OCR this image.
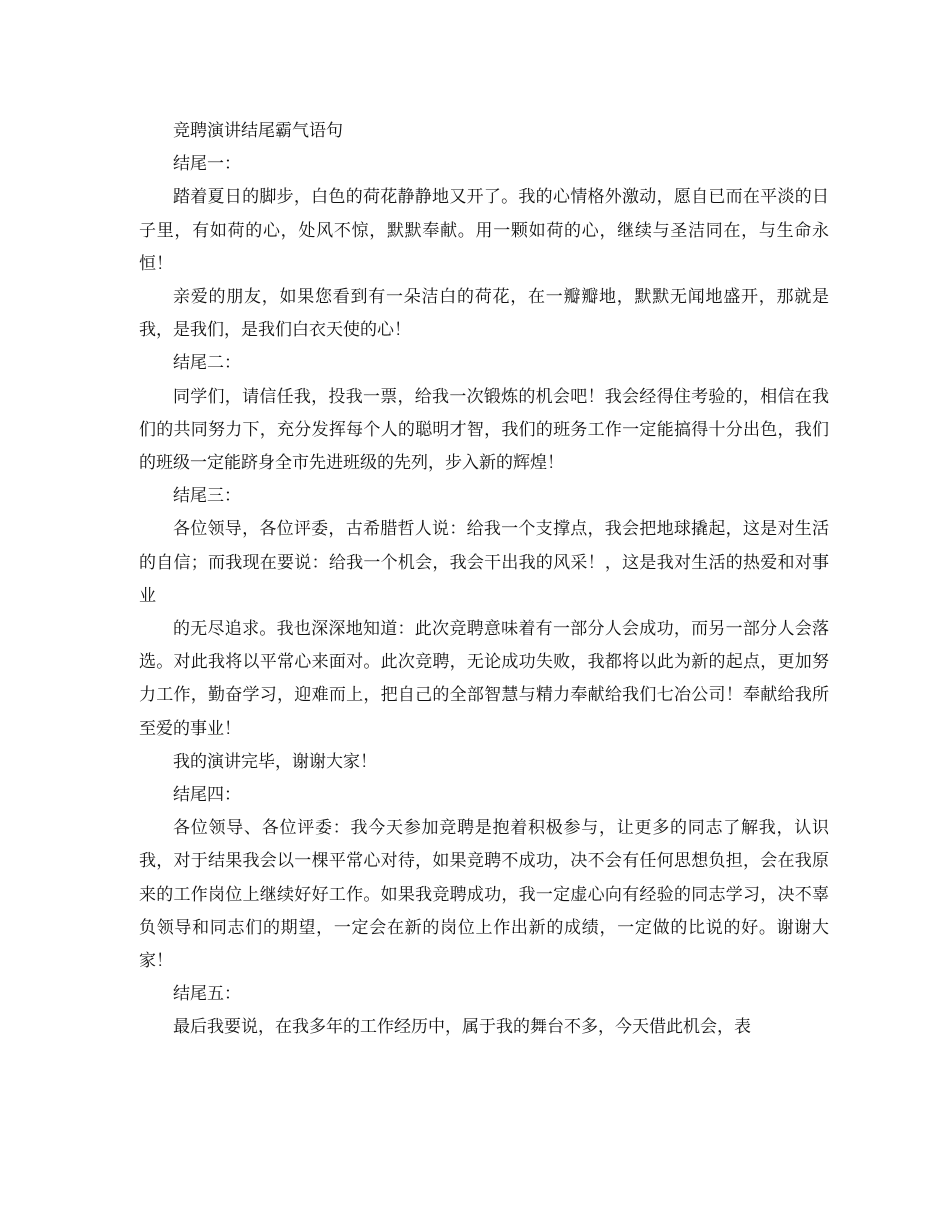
竞聘演讲结尾霸气语句

结尾一：

踏着夏日的脚步，白色的荷花静静地又开了。我的心情格外激动，愿自已而在平淡的日子里，有如荷的心，处风不惊，默默奉献。用一颗如荷的心，继续与圣洁同在，与生命永恒！

亲爱的朋友，如果您看到有一朵洁白的荷花，在一瓣瓣地，默默无闻地盛开，那就是我，是我们，是我们白衣天使的心！

结尾二：

同学们，请信任我，投我一票，给我一次锻炼的机会吧！我会经得住考验的，相信在我们的共同努力下，充分发挥每个人的聪明才智，我们的班务工作一定能搞得十分出色，我们的班级一定能跻身全市先进班级的先列，步入新的辉煌！

结尾三：

各位领导，各位评委，古希腊哲人说：给我一个支撑点，我会把地球撬起，这是对生活的自信；而我现在要说：给我一个机会，我会干出我的风采！，这是我对生活的热爱和对事业

的无尽追求。我也深深地知道：此次竞聘意味着有一部分人会成功，而另一部分人会落选。对此我将以平常心来面对。此次竞聘，无论成功失败，我都将以此为新的起点，更加努力工作，勤奋学习，迎难而上，把自己的全部智慧与精力奉献给我们七冶公司！奉献给我所至爱的事业！

我的演讲完毕，谢谢大家！

结尾四：

各位领导、各位评委：我今天参加竞聘是抱着积极参与，让更多的同志了解我，认识我，对于结果我会以一棵平常心对待，如果竞聘不成功，决不会有任何思想负担，会在我原来的工作岗位上继续好好工作。如果我竞聘成功，我一定虚心向有经验的同志学习，决不辜负领导和同志们的期望，一定会在新的岗位上作出新的成绩，一定做的比说的好。谢谢大家！

结尾五：

最后我要说，在我多年的工作经历中，属于我的舞台不多，今天借此机会，表
